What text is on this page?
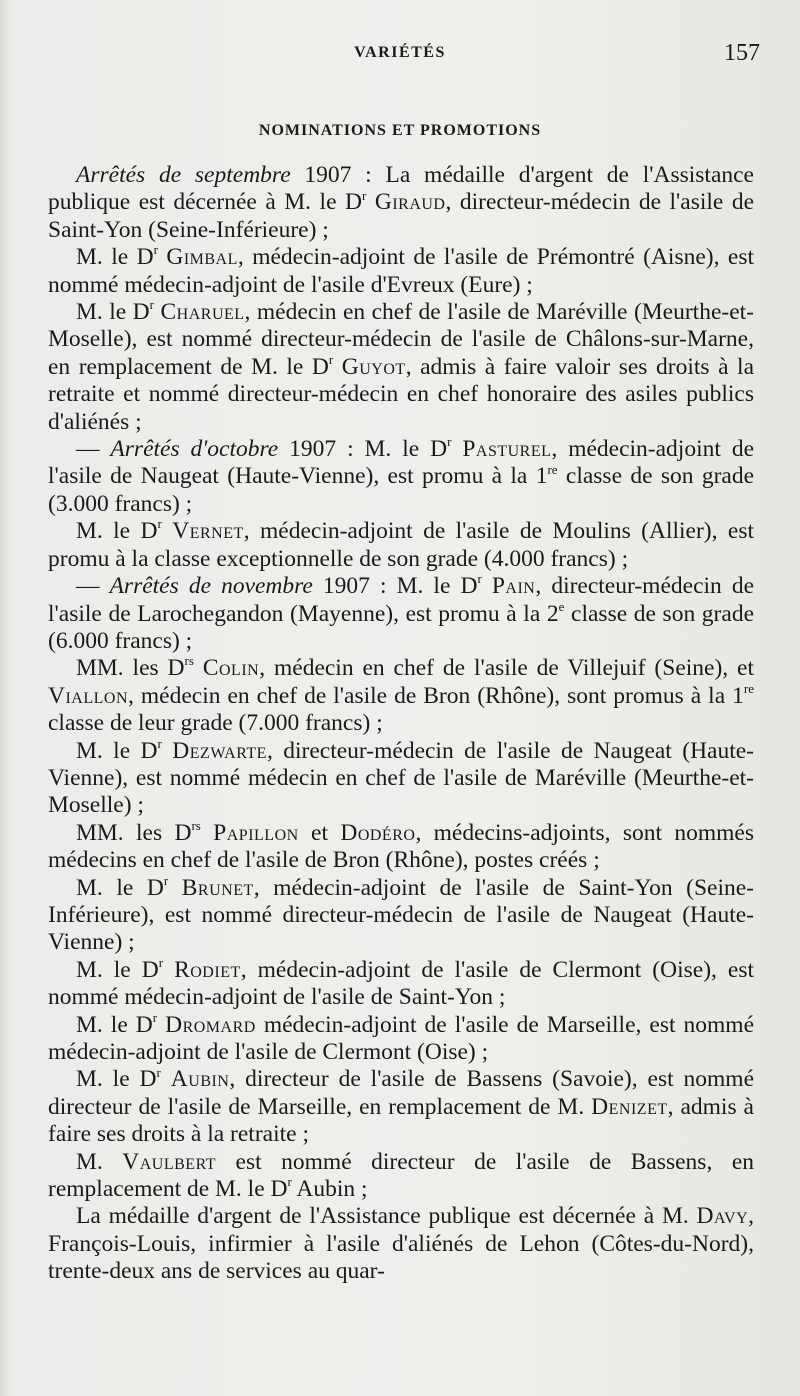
VARIÉTÉS	157
NOMINATIONS ET PROMOTIONS

Arrêtés de septembre 1907 : La médaille d'argent de l'Assistance publique est décernée à M. le $D^r$ Giraud, directeur-médecin de l'asile de Saint-Yon (Seine-Inférieure) ;

M. le $D^r$ Gimbal, médecin-adjoint de l'asile de Prémontré (Aisne), est nommé médecin-adjoint de l'asile d'Evreux (Eure) ;

M. le $D^r$ Charuel, médecin en chef de l'asile de Maréville (Meurthe-et-Moselle), est nommé directeur-médecin de l'asile de Châlons-sur-Marne, en remplacement de M. le $D^r$ Guyot, admis à faire valoir ses droits à la retraite et nommé directeur-médecin en chef honoraire des asiles publics d'aliénés ;

— Arrêtés d'octobre 1907 : M. le $D^r$ Pasturel, médecin-adjoint de l'asile de Naugeat (Haute-Vienne), est promu à la 1re classe de son grade (3.000 francs) ;

M. le $D^r$ Vernet, médecin-adjoint de l'asile de Moulins (Allier), est promu à la classe exceptionnelle de son grade (4.000 francs) ;

— Arrêtés de novembre 1907 : M. le $D^r$ Pain, directeur-médecin de l'asile de Larochegandon (Mayenne), est promu à la 2e classe de son grade (6.000 francs) ;

MM. les $D^{rs}$ Colin, médecin en chef de l'asile de Villejuif (Seine), et Viallon, médecin en chef de l'asile de Bron (Rhône), sont promus à la 1re classe de leur grade (7.000 francs) ;

M. le $D^r$ Dezwarte, directeur-médecin de l'asile de Naugeat (Haute-Vienne), est nommé médecin en chef de l'asile de Maréville (Meurthe-et-Moselle) ;

MM. les $D^{rs}$ Papillon et Dodéro, médecins-adjoints, sont nommés médecins en chef de l'asile de Bron (Rhône), postes créés ;

M. le $D^r$ Brunet, médecin-adjoint de l'asile de Saint-Yon (Seine-Inférieure), est nommé directeur-médecin de l'asile de Naugeat (Haute-Vienne) ;

M. le $D^r$ Rodiet, médecin-adjoint de l'asile de Clermont (Oise), est nommé médecin-adjoint de l'asile de Saint-Yon ;

M. le $D^r$ Dromard médecin-adjoint de l'asile de Marseille, est nommé médecin-adjoint de l'asile de Clermont (Oise) ;

M. le $D^r$ Aubin, directeur de l'asile de Bassens (Savoie), est nommé directeur de l'asile de Marseille, en remplacement de M. Denizet, admis à faire ses droits à la retraite ;

M. Vaulbert est nommé directeur de l'asile de Bassens, en remplacement de M. le $D^r$ Aubin ;

La médaille d'argent de l'Assistance publique est décernée à M. Davy, François-Louis, infirmier à l'asile d'aliénés de Lehon (Côtes-du-Nord), trente-deux ans de services au quar-
